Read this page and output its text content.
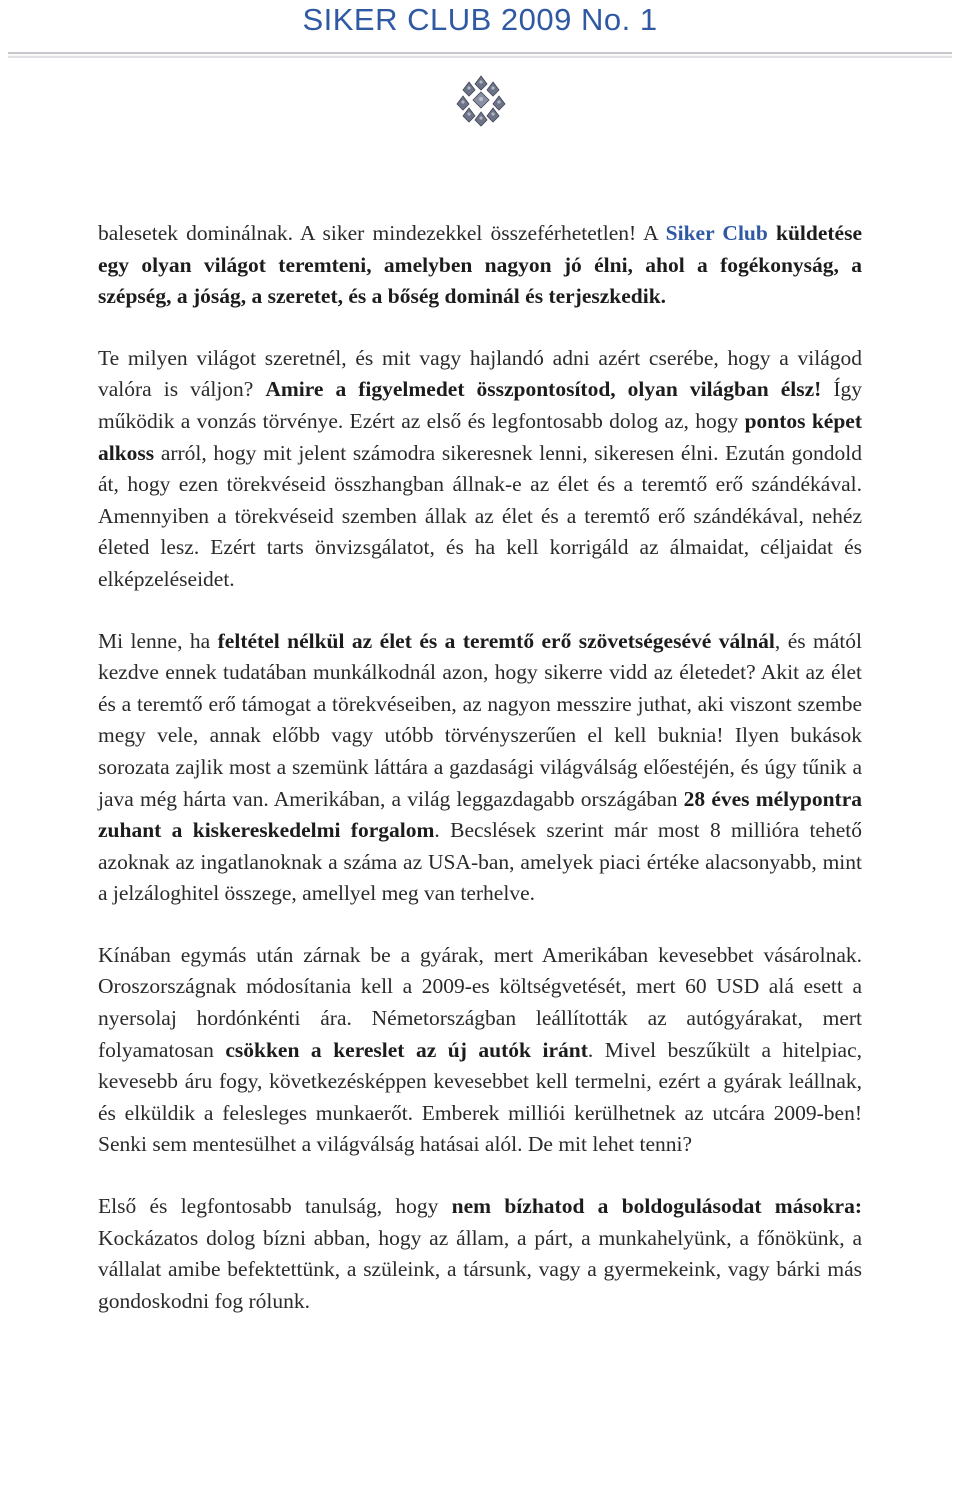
SIKER CLUB 2009 No. 1

balesetek dominálnak. A siker mindezekkel összeférhetetlen! A Siker Club küldetése egy olyan világot teremteni, amelyben nagyon jó élni, ahol a fogékonyság, a szépség, a jóság, a szeretet, és a bőség dominál és terjeszkedik.

Te milyen világot szeretnél, és mit vagy hajlandó adni azért cserébe, hogy a világod valóra is váljon? Amire a figyelmedet összpontosítod, olyan világban élsz! Így működik a vonzás törvénye. Ezért az első és legfontosabb dolog az, hogy pontos képet alkoss arról, hogy mit jelent számodra sikeresnek lenni, sikeresen élni. Ezután gondold át, hogy ezen törekvéseid összhangban állnak-e az élet és a teremtő erő szándékával. Amennyiben a törekvéseid szemben állak az élet és a teremtő erő szándékával, nehéz életed lesz. Ezért tarts önvizsgálatot, és ha kell korrigáld az álmaidat, céljaidat és elképzeléseidet.

Mi lenne, ha feltétel nélkül az élet és a teremtő erő szövetségesévé válnál, és mától kezdve ennek tudatában munkálkodnál azon, hogy sikerre vidd az életedet? Akit az élet és a teremtő erő támogat a törekvéseiben, az nagyon messzire juthat, aki viszont szembe megy vele, annak előbb vagy utóbb törvényszerűen el kell buknia! Ilyen bukások sorozata zajlik most a szemünk láttára a gazdasági világválság előestéjén, és úgy tűnik a java még hárta van. Amerikában, a világ leggazdagabb országában 28 éves mélypontra zuhant a kiskereskedelmi forgalom. Becslések szerint már most 8 millióra tehető azoknak az ingatlanoknak a száma az USA-ban, amelyek piaci értéke alacsonyabb, mint a jelzáloghitel összege, amellyel meg van terhelve.

Kínában egymás után zárnak be a gyárak, mert Amerikában kevesebbet vásárolnak. Oroszországnak módosítania kell a 2009-es költségvetését, mert 60 USD alá esett a nyersolaj hordónkénti ára. Németországban leállították az autógyárakat, mert folyamatosan csökken a kereslet az új autók iránt. Mivel beszűkült a hitelpiac, kevesebb áru fogy, következésképpen kevesebbet kell termelni, ezért a gyárak leállnak, és elküldik a felesleges munkaerőt. Emberek milliói kerülhetnek az utcára 2009-ben! Senki sem mentesülhet a világválság hatásai alól. De mit lehet tenni?

Első és legfontosabb tanulság, hogy nem bízhatod a boldogulásodat másokra: Kockázatos dolog bízni abban, hogy az állam, a párt, a munkahelyünk, a főnökünk, a vállalat amibe befektettünk, a szüleink, a társunk, vagy a gyermekeink, vagy bárki más gondoskodni fog rólunk.
